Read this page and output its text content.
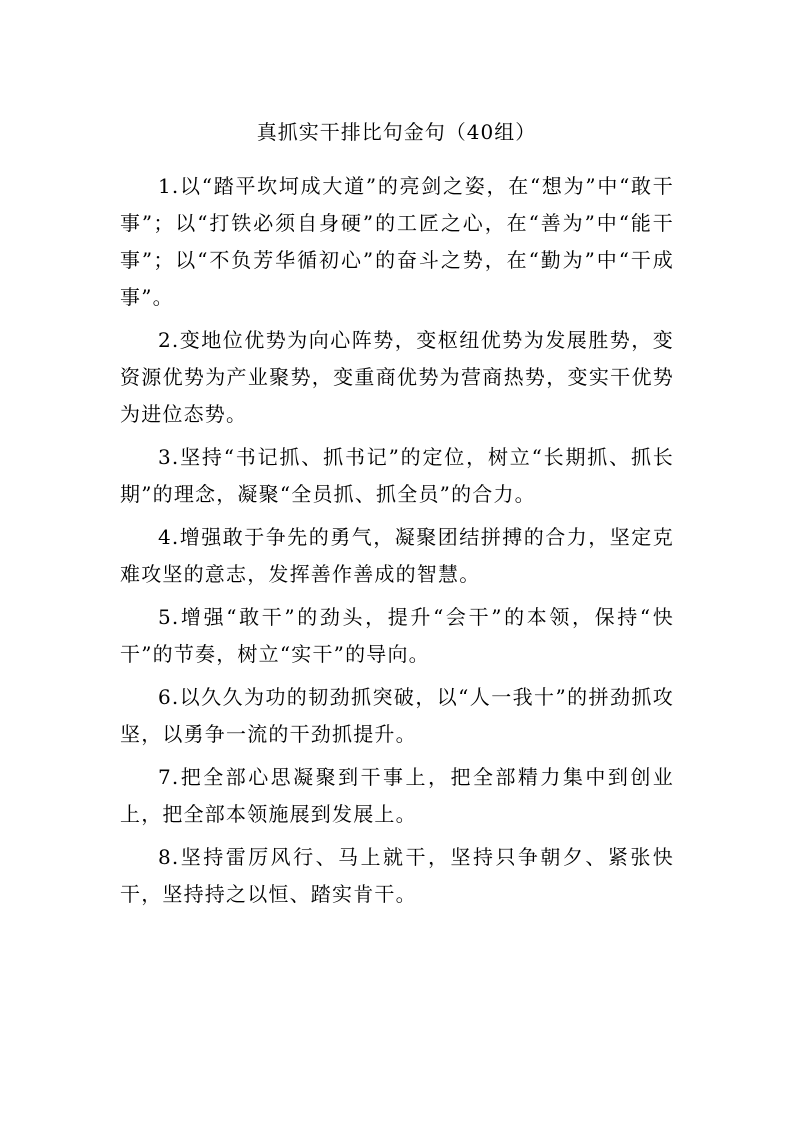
真抓实干排比句金句（40组）

1.以“踏平坎坷成大道”的亮剑之姿，在“想为”中“敢干事”；以“打铁必须自身硬”的工匠之心，在“善为”中“能干事”；以“不负芳华循初心”的奋斗之势，在“勤为”中“干成事”。

2.变地位优势为向心阵势，变枢纽优势为发展胜势，变资源优势为产业聚势，变重商优势为营商热势，变实干优势为进位态势。

3.坚持“书记抓、抓书记”的定位，树立“长期抓、抓长期”的理念，凝聚“全员抓、抓全员”的合力。

4.增强敢于争先的勇气，凝聚团结拼搏的合力，坚定克难攻坚的意志，发挥善作善成的智慧。

5.增强“敢干”的劲头，提升“会干”的本领，保持“快干”的节奏，树立“实干”的导向。

6.以久久为功的韧劲抓突破，以“人一我十”的拼劲抓攻坚，以勇争一流的干劲抓提升。

7.把全部心思凝聚到干事上，把全部精力集中到创业上，把全部本领施展到发展上。

8.坚持雷厉风行、马上就干，坚持只争朝夕、紧张快干，坚持持之以恒、踏实肯干。
